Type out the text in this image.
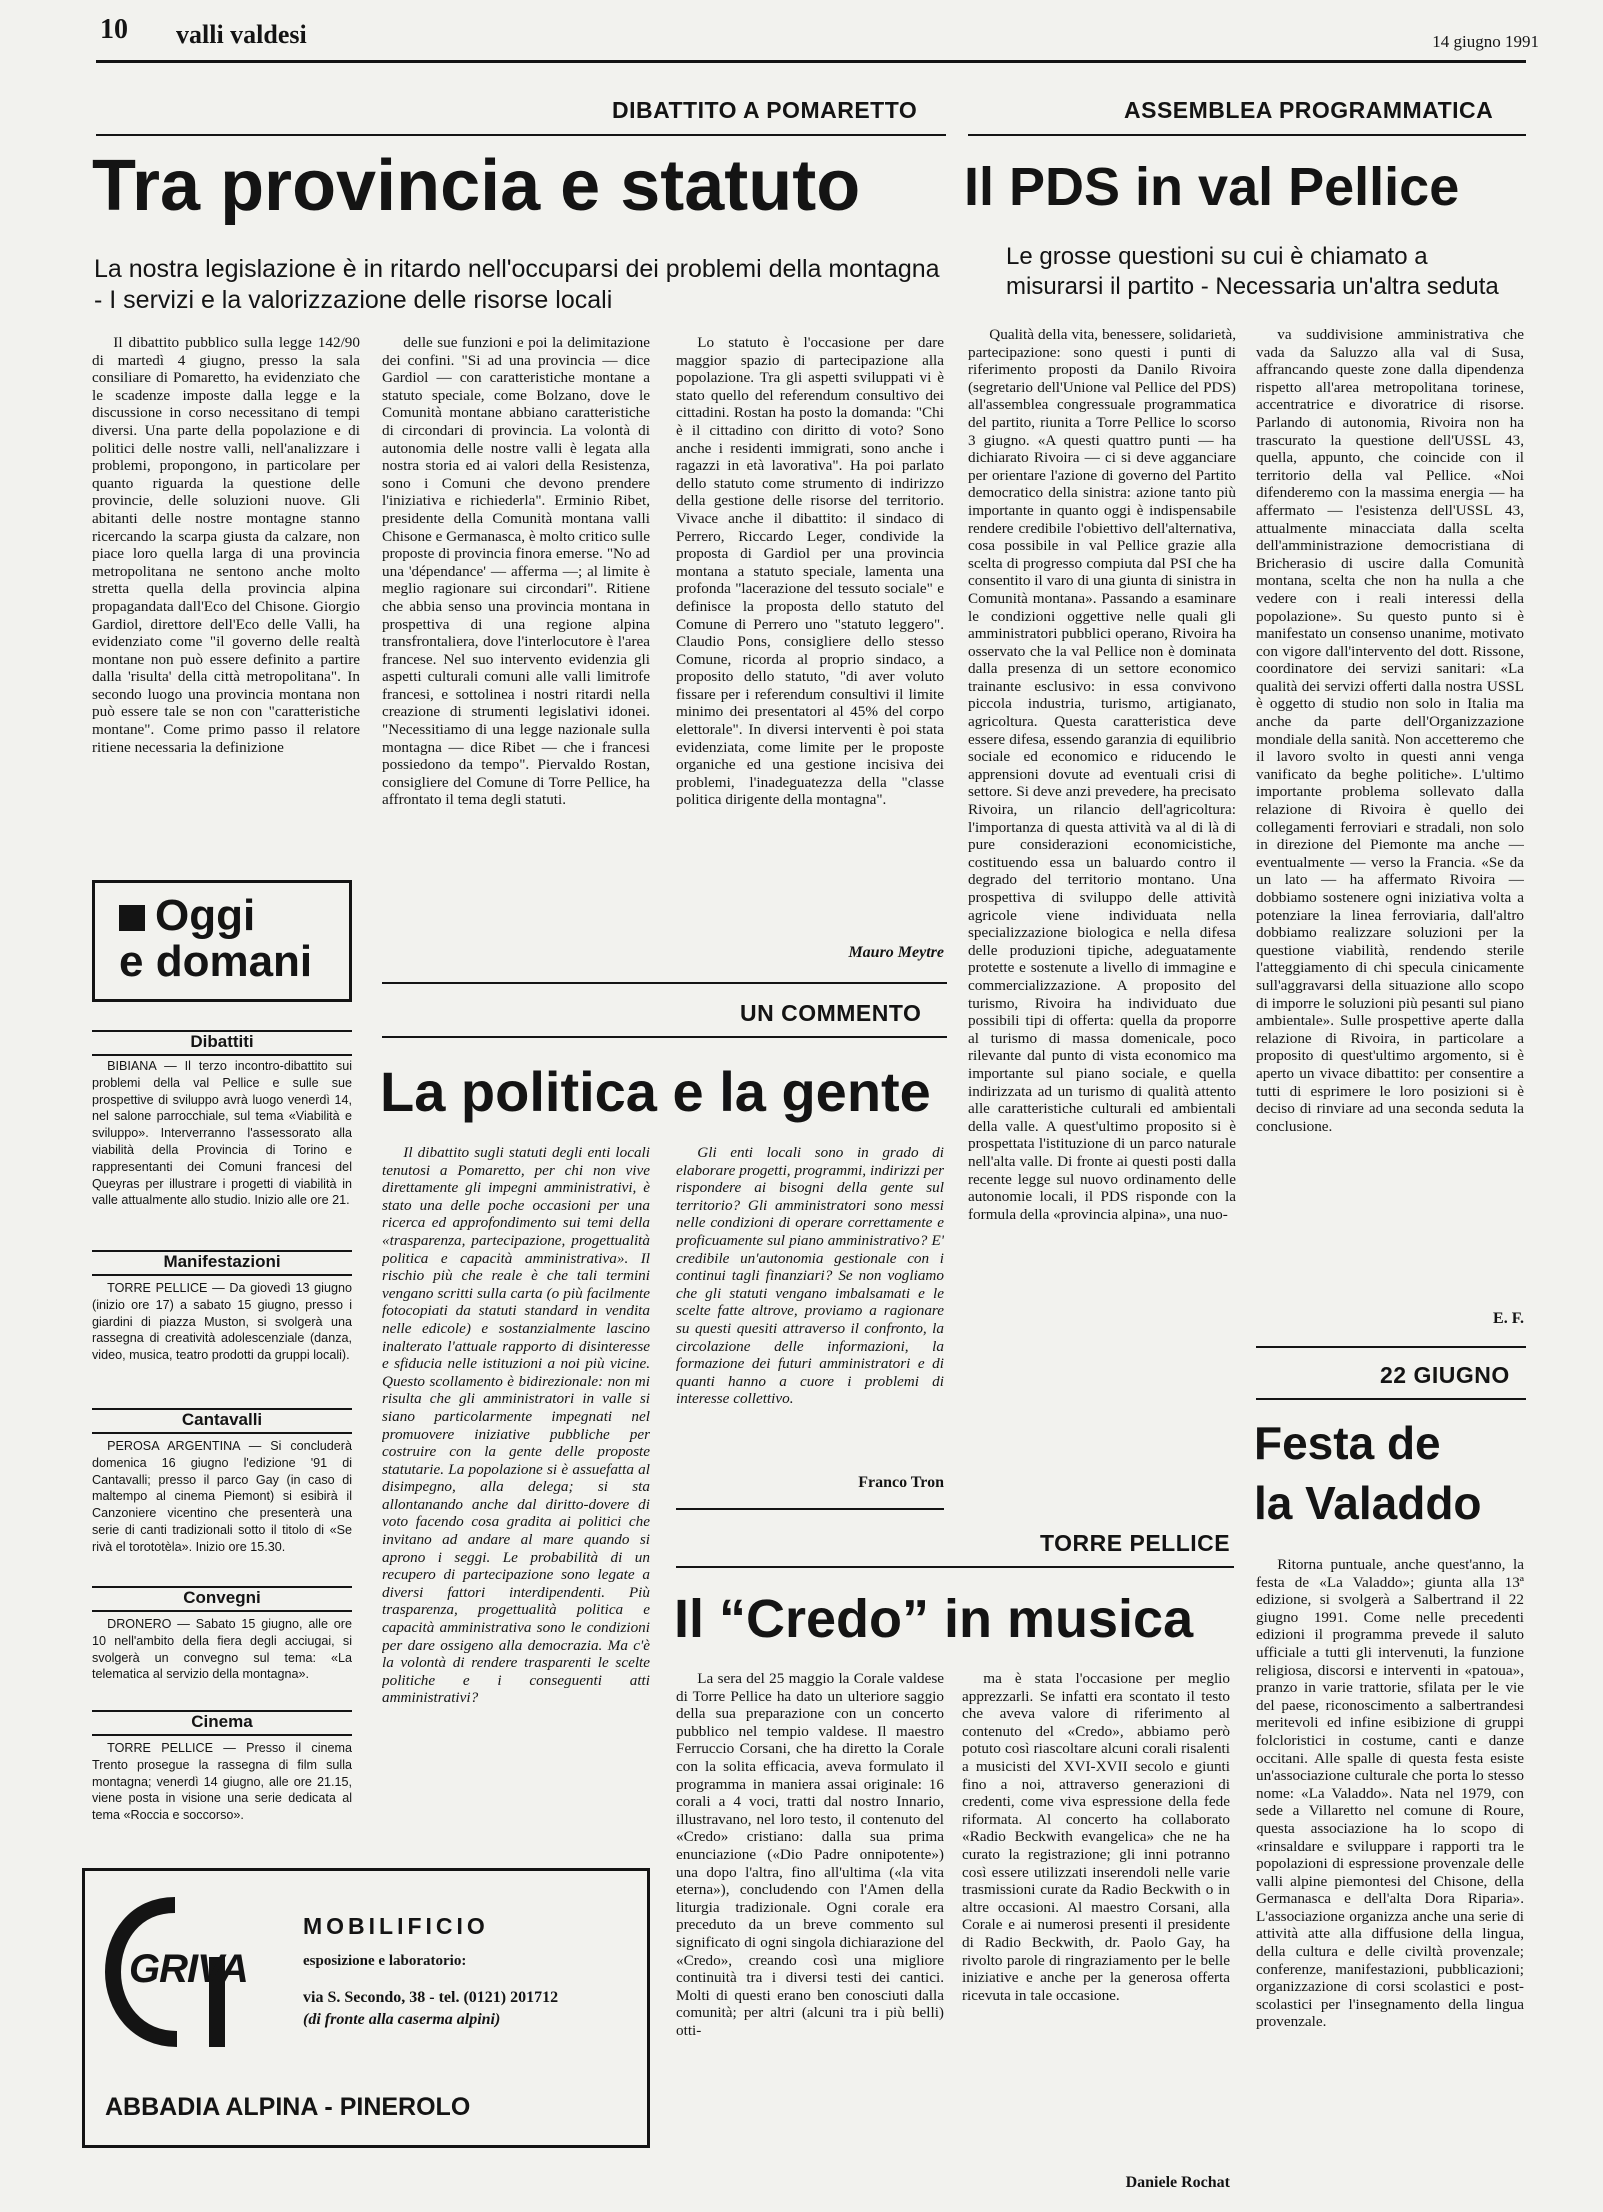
10 valli valdesi	14 giugno 1991
DIBATTITO A POMARETTO
Tra provincia e statuto
La nostra legislazione è in ritardo nell'occuparsi dei problemi della montagna - I servizi e la valorizzazione delle risorse locali

Il dibattito pubblico sulla legge 142/90 di martedì 4 giugno, presso la sala consiliare di Pomaretto, ha evidenziato che le scadenze imposte dalla legge e la discussione in corso necessitano di tempi diversi. Una parte della popolazione e di politici delle nostre valli, nell'analizzare i problemi, propongono, in particolare per quanto riguarda la questione delle provincie, delle soluzioni nuove. Gli abitanti delle nostre montagne stanno ricercando la scarpa giusta da calzare, non piace loro quella larga di una provincia metropolitana ne sentono anche molto stretta quella della provincia alpina propagandata dall'Eco del Chisone. Giorgio Gardiol, direttore dell'Eco delle Valli, ha evidenziato come "il governo delle realtà montane non può essere definito a partire dalla 'risulta' della città metropolitana". In secondo luogo una provincia montana non può essere tale se non con "caratteristiche montane". Come primo passo il relatore ritiene necessaria la definizione

delle sue funzioni e poi la delimitazione dei confini. "Si ad una provincia — dice Gardiol — con caratteristiche montane a statuto speciale, come Bolzano, dove le Comunità montane abbiano caratteristiche di circondari di provincia. La volontà di autonomia delle nostre valli è legata alla nostra storia ed ai valori della Resistenza, sono i Comuni che devono prendere l'iniziativa e richiederla". Erminio Ribet, presidente della Comunità montana valli Chisone e Germanasca, è molto critico sulle proposte di provincia finora emerse. "No ad una 'dépendance' — afferma —; al limite è meglio ragionare sui circondari". Ritiene che abbia senso una provincia montana in prospettiva di una regione alpina transfrontaliera, dove l'interlocutore è l'area francese. Nel suo intervento evidenzia gli aspetti culturali comuni alle valli limitrofe francesi, e sottolinea i nostri ritardi nella creazione di strumenti legislativi idonei. "Necessitiamo di una legge nazionale sulla montagna — dice Ribet — che i francesi possiedono da tempo". Piervaldo Rostan, consigliere del Comune di Torre Pellice, ha affrontato il tema degli statuti.

Lo statuto è l'occasione per dare maggior spazio di partecipazione alla popolazione. Tra gli aspetti sviluppati vi è stato quello del referendum consultivo dei cittadini. Rostan ha posto la domanda: "Chi è il cittadino con diritto di voto? Sono anche i residenti immigrati, sono anche i ragazzi in età lavorativa". Ha poi parlato dello statuto come strumento di indirizzo della gestione delle risorse del territorio. Vivace anche il dibattito: il sindaco di Perrero, Riccardo Leger, condivide la proposta di Gardiol per una provincia montana a statuto speciale, lamenta una profonda "lacerazione del tessuto sociale" e definisce la proposta dello statuto del Comune di Perrero uno "statuto leggero". Claudio Pons, consigliere dello stesso Comune, ricorda al proprio sindaco, a proposito dello statuto, "di aver voluto fissare per i referendum consultivi il limite minimo dei presentatori al 45% del corpo elettorale". In diversi interventi è poi stata evidenziata, come limite per le proposte organiche ed una gestione incisiva dei problemi, l'inadeguatezza della "classe politica dirigente della montagna".

Mauro Meytre
ASSEMBLEA PROGRAMMATICA
Il PDS in val Pellice
Le grosse questioni su cui è chiamato a misurarsi il partito - Necessaria un'altra seduta

Qualità della vita, benessere, solidarietà, partecipazione: sono questi i punti di riferimento proposti da Danilo Rivoira (segretario dell'Unione val Pellice del PDS) all'assemblea congressuale programmatica del partito, riunita a Torre Pellice lo scorso 3 giugno. «A questi quattro punti — ha dichiarato Rivoira — ci si deve agganciare per orientare l'azione di governo del Partito democratico della sinistra: azione tanto più importante in quanto oggi è indispensabile rendere credibile l'obiettivo dell'alternativa, cosa possibile in val Pellice grazie alla scelta di progresso compiuta dal PSI che ha consentito il varo di una giunta di sinistra in Comunità montana». Passando a esaminare le condizioni oggettive nelle quali gli amministratori pubblici operano, Rivoira ha osservato che la val Pellice non è dominata dalla presenza di un settore economico trainante esclusivo: in essa convivono piccola industria, turismo, artigianato, agricoltura. Questa caratteristica deve essere difesa, essendo garanzia di equilibrio sociale ed economico e riducendo le apprensioni dovute ad eventuali crisi di settore. Si deve anzi prevedere, ha precisato Rivoira, un rilancio dell'agricoltura: l'importanza di questa attività va al di là di pure considerazioni economicistiche, costituendo essa un baluardo contro il degrado del territorio montano. Una prospettiva di sviluppo delle attività agricole viene individuata nella specializzazione biologica e nella difesa delle produzioni tipiche, adeguatamente protette e sostenute a livello di immagine e commercializzazione. A proposito del turismo, Rivoira ha individuato due possibili tipi di offerta: quella da proporre al turismo di massa domenicale, poco rilevante dal punto di vista economico ma importante sul piano sociale, e quella indirizzata ad un turismo di qualità attento alle caratteristiche culturali ed ambientali della valle. A quest'ultimo proposito si è prospettata l'istituzione di un parco naturale nell'alta valle. Di fronte ai questi posti dalla recente legge sul nuovo ordinamento delle autonomie locali, il PDS risponde con la formula della «provincia alpina», una nuo-

va suddivisione amministrativa che vada da Saluzzo alla val di Susa, affrancando queste zone dalla dipendenza rispetto all'area metropolitana torinese, accentratrice e divoratrice di risorse. Parlando di autonomia, Rivoira non ha trascurato la questione dell'USSL 43, quella, appunto, che coincide con il territorio della val Pellice. «Noi difenderemo con la massima energia — ha affermato — l'esistenza dell'USSL 43, attualmente minacciata dalla scelta dell'amministrazione democristiana di Bricherasio di uscire dalla Comunità montana, scelta che non ha nulla a che vedere con i reali interessi della popolazione». Su questo punto si è manifestato un consenso unanime, motivato con vigore dall'intervento del dott. Rissone, coordinatore dei servizi sanitari: «La qualità dei servizi offerti dalla nostra USSL è oggetto di studio non solo in Italia ma anche da parte dell'Organizzazione mondiale della sanità. Non accetteremo che il lavoro svolto in questi anni venga vanificato da beghe politiche». L'ultimo importante problema sollevato dalla relazione di Rivoira è quello dei collegamenti ferroviari e stradali, non solo in direzione del Piemonte ma anche — eventualmente — verso la Francia. «Se da un lato — ha affermato Rivoira — dobbiamo sostenere ogni iniziativa volta a potenziare la linea ferroviaria, dall'altro dobbiamo realizzare soluzioni per la questione viabilità, rendendo sterile l'atteggiamento di chi specula cinicamente sull'aggravarsi della situazione allo scopo di imporre le soluzioni più pesanti sul piano ambientale». Sulle prospettive aperte dalla relazione di Rivoira, in particolare a proposito di quest'ultimo argomento, si è aperto un vivace dibattito: per consentire a tutti di esprimere le loro posizioni si è deciso di rinviare ad una seconda seduta la conclusione.

E. F.
22 GIUGNO
Festa de
la Valaddo

Ritorna puntuale, anche quest'anno, la festa de «La Valaddo»; giunta alla 13ª edizione, si svolgerà a Salbertrand il 22 giugno 1991. Come nelle precedenti edizioni il programma prevede il saluto ufficiale a tutti gli intervenuti, la funzione religiosa, discorsi e interventi in «patoua», pranzo in varie trattorie, sfilata per le vie del paese, riconoscimento a salbertrandesi meritevoli ed infine esibizione di gruppi folcloristici in costume, canti e danze occitani. Alle spalle di questa festa esiste un'associazione culturale che porta lo stesso nome: «La Valaddo». Nata nel 1979, con sede a Villaretto nel comune di Roure, questa associazione ha lo scopo di «rinsaldare e sviluppare i rapporti tra le popolazioni di espressione provenzale delle valli alpine piemontesi del Chisone, della Germanasca e dell'alta Dora Riparia». L'associazione organizza anche una serie di attività atte alla diffusione della lingua, della cultura e delle civiltà provenzale; conferenze, manifestazioni, pubblicazioni; organizzazione di corsi scolastici e post-scolastici per l'insegnamento della lingua provenzale.

UN COMMENTO
La politica e la gente

Il dibattito sugli statuti degli enti locali tenutosi a Pomaretto, per chi non vive direttamente gli impegni amministrativi, è stato una delle poche occasioni per una ricerca ed approfondimento sui temi della «trasparenza, partecipazione, progettualità politica e capacità amministrativa». Il rischio più che reale è che tali termini vengano scritti sulla carta (o più facilmente fotocopiati da statuti standard in vendita nelle edicole) e sostanzialmente lascino inalterato l'attuale rapporto di disinteresse e sfiducia nelle istituzioni a noi più vicine. Questo scollamento è bidirezionale: non mi risulta che gli amministratori in valle si siano particolarmente impegnati nel promuovere iniziative pubbliche per costruire con la gente delle proposte statutarie. La popolazione si è assuefatta al disimpegno, alla delega; si sta allontanando anche dal diritto-dovere di voto facendo cosa gradita ai politici che invitano ad andare al mare quando si aprono i seggi. Le probabilità di un recupero di partecipazione sono legate a diversi fattori interdipendenti. Più trasparenza, progettualità politica e capacità amministrativa sono le condizioni per dare ossigeno alla democrazia. Ma c'è la volontà di rendere trasparenti le scelte politiche e i conseguenti atti amministrativi?

Gli enti locali sono in grado di elaborare progetti, programmi, indirizzi per rispondere ai bisogni della gente sul territorio? Gli amministratori sono messi nelle condizioni di operare correttamente e proficuamente sul piano amministrativo? E' credibile un'autonomia gestionale con i continui tagli finanziari? Se non vogliamo che gli statuti vengano imbalsamati e le scelte fatte altrove, proviamo a ragionare su questi quesiti attraverso il confronto, la circolazione delle informazioni, la formazione dei futuri amministratori e di quanti hanno a cuore i problemi di interesse collettivo.

Franco Tron
TORRE PELLICE
Il “Credo” in musica

La sera del 25 maggio la Corale valdese di Torre Pellice ha dato un ulteriore saggio della sua preparazione con un concerto pubblico nel tempio valdese. Il maestro Ferruccio Corsani, che ha diretto la Corale con la solita efficacia, aveva formulato il programma in maniera assai originale: 16 corali a 4 voci, tratti dal nostro Innario, illustravano, nel loro testo, il contenuto del «Credo» cristiano: dalla sua prima enunciazione («Dio Padre onnipotente») una dopo l'altra, fino all'ultima («la vita eterna»), concludendo con l'Amen della liturgia tradizionale. Ogni corale era preceduto da un breve commento sul significato di ogni singola dichiarazione del «Credo», creando così una migliore continuità tra i diversi testi dei cantici. Molti di questi erano ben conosciuti dalla comunità; per altri (alcuni tra i più belli) otti-

ma è stata l'occasione per meglio apprezzarli. Se infatti era scontato il testo che aveva valore di riferimento al contenuto del «Credo», abbiamo però potuto così riascoltare alcuni corali risalenti a musicisti del XVI-XVII secolo e giunti fino a noi, attraverso generazioni di credenti, come viva espressione della fede riformata. Al concerto ha collaborato «Radio Beckwith evangelica» che ne ha curato la registrazione; gli inni potranno così essere utilizzati inserendoli nelle varie trasmissioni curate da Radio Beckwith o in altre occasioni. Al maestro Corsani, alla Corale e ai numerosi presenti il presidente di Radio Beckwith, dr. Paolo Gay, ha rivolto parole di ringraziamento per le belle iniziative e anche per la generosa offerta ricevuta in tale occasione.

Daniele Rochat
Oggi
e domani
Dibattiti

BIBIANA — Il terzo incontro-dibattito sui problemi della val Pellice e sulle sue prospettive di sviluppo avrà luogo venerdì 14, nel salone parrocchiale, sul tema «Viabilità e sviluppo». Interverranno l'assessorato alla viabilità della Provincia di Torino e rappresentanti dei Comuni francesi del Queyras per illustrare i progetti di viabilità in valle attualmente allo studio. Inizio alle ore 21.

Manifestazioni

TORRE PELLICE — Da giovedì 13 giugno (inizio ore 17) a sabato 15 giugno, presso i giardini di piazza Muston, si svolgerà una rassegna di creatività adolescenziale (danza, video, musica, teatro prodotti da gruppi locali).

Cantavalli

PEROSA ARGENTINA — Si concluderà domenica 16 giugno l'edizione '91 di Cantavalli; presso il parco Gay (in caso di maltempo al cinema Piemont) si esibirà il Canzoniere vicentino che presenterà una serie di canti tradizionali sotto il titolo di «Se rivà el torototèla». Inizio ore 15.30.

Convegni

DRONERO — Sabato 15 giugno, alle ore 10 nell'ambito della fiera degli acciugai, si svolgerà un convegno sul tema: «La telematica al servizio della montagna».

Cinema

TORRE PELLICE — Presso il cinema Trento prosegue la rassegna di film sulla montagna; venerdì 14 giugno, alle ore 21.15, viene posta in visione una serie dedicata al tema «Roccia e soccorso».

GRIVA
MOBILIFICIO
esposizione e laboratorio:
via S. Secondo, 38 - tel. (0121) 201712
(di fronte alla caserma alpini)
ABBADIA ALPINA - PINEROLO
